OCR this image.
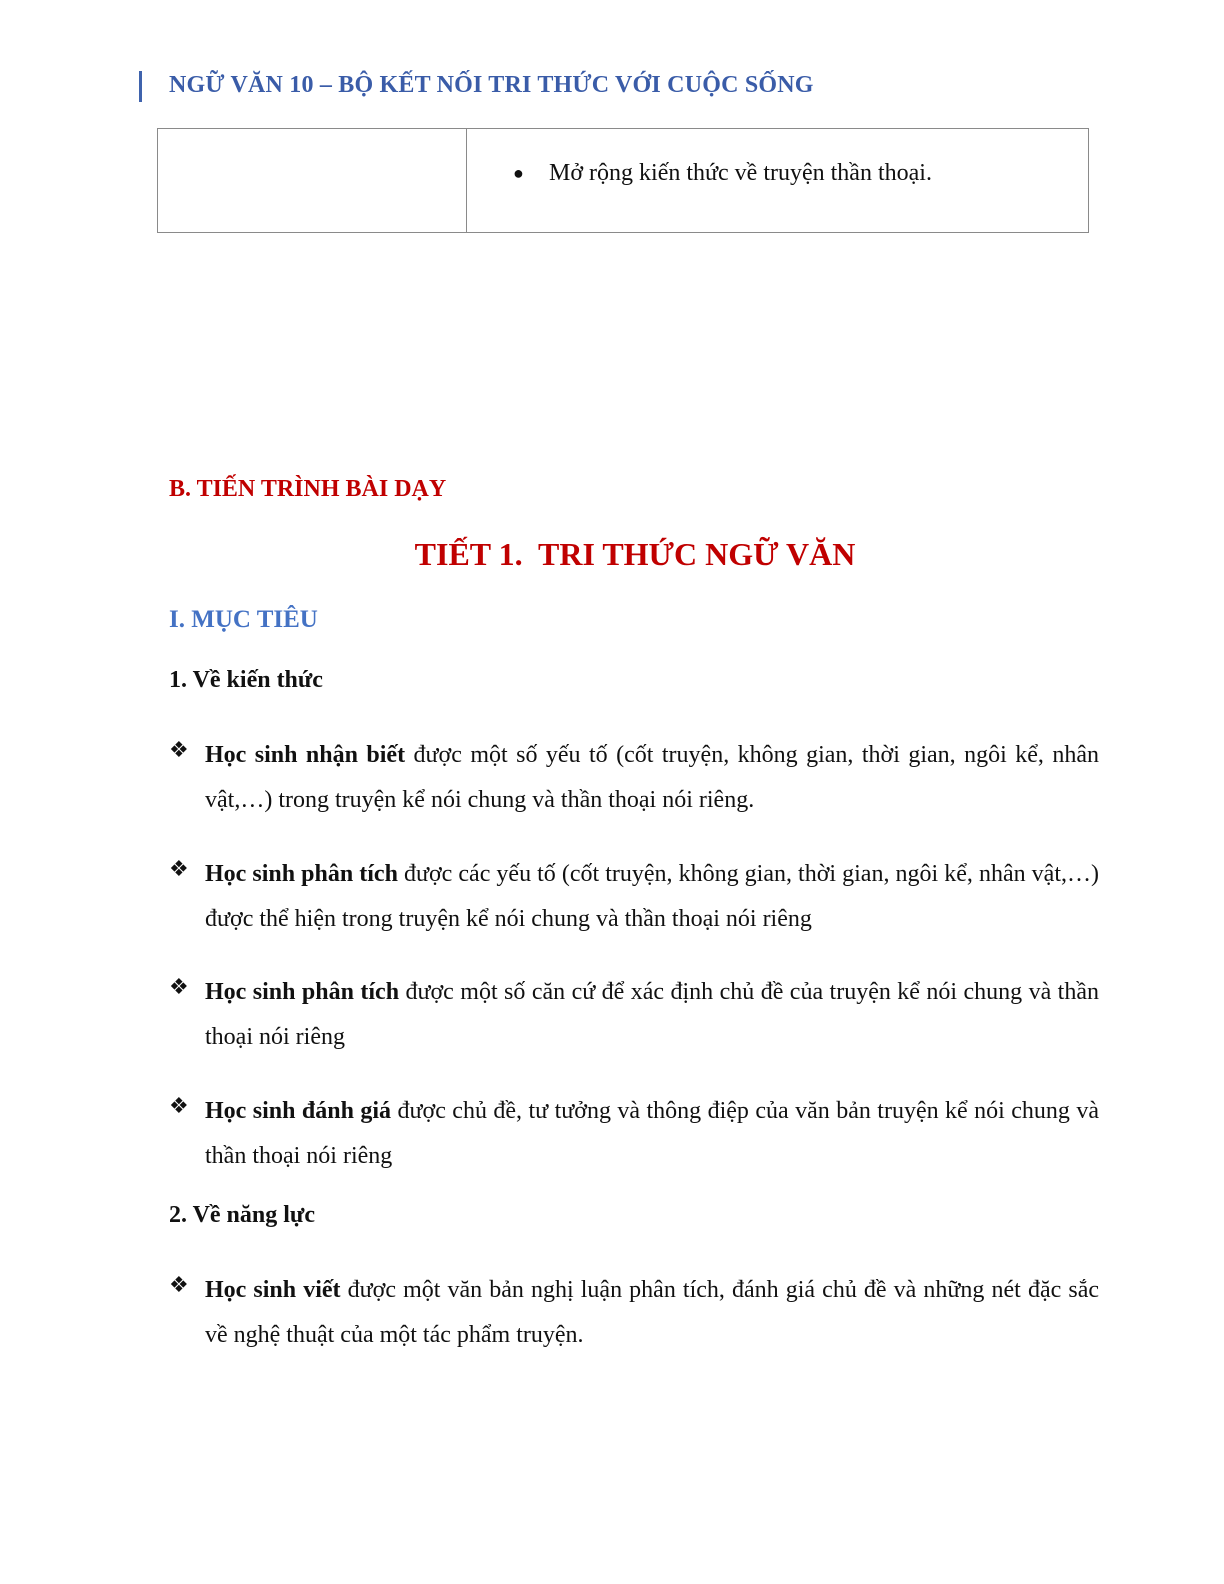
NGỮ VĂN 10 – BỘ KẾT NỐI TRI THỨC VỚI CUỘC SỐNG
● Mở rộng kiến thức về truyện thần thoại.
B. TIẾN TRÌNH BÀI DẠY
TIẾT 1.  TRI THỨC NGỮ VĂN
I. MỤC TIÊU
1. Về kiến thức
❖ Học sinh nhận biết được một số yếu tố (cốt truyện, không gian, thời gian, ngôi kể, nhân vật,…) trong truyện kể nói chung và thần thoại nói riêng.
❖ Học sinh phân tích được các yếu tố (cốt truyện, không gian, thời gian, ngôi kể, nhân vật,…) được thể hiện trong truyện kể nói chung và thần thoại nói riêng
❖ Học sinh phân tích được một số căn cứ để xác định chủ đề của truyện kể nói chung và thần thoại nói riêng
❖ Học sinh đánh giá được chủ đề, tư tưởng và thông điệp của văn bản truyện kể nói chung và thần thoại nói riêng
2. Về năng lực
❖ Học sinh viết được một văn bản nghị luận phân tích, đánh giá chủ đề và những nét đặc sắc về nghệ thuật của một tác phẩm truyện.
